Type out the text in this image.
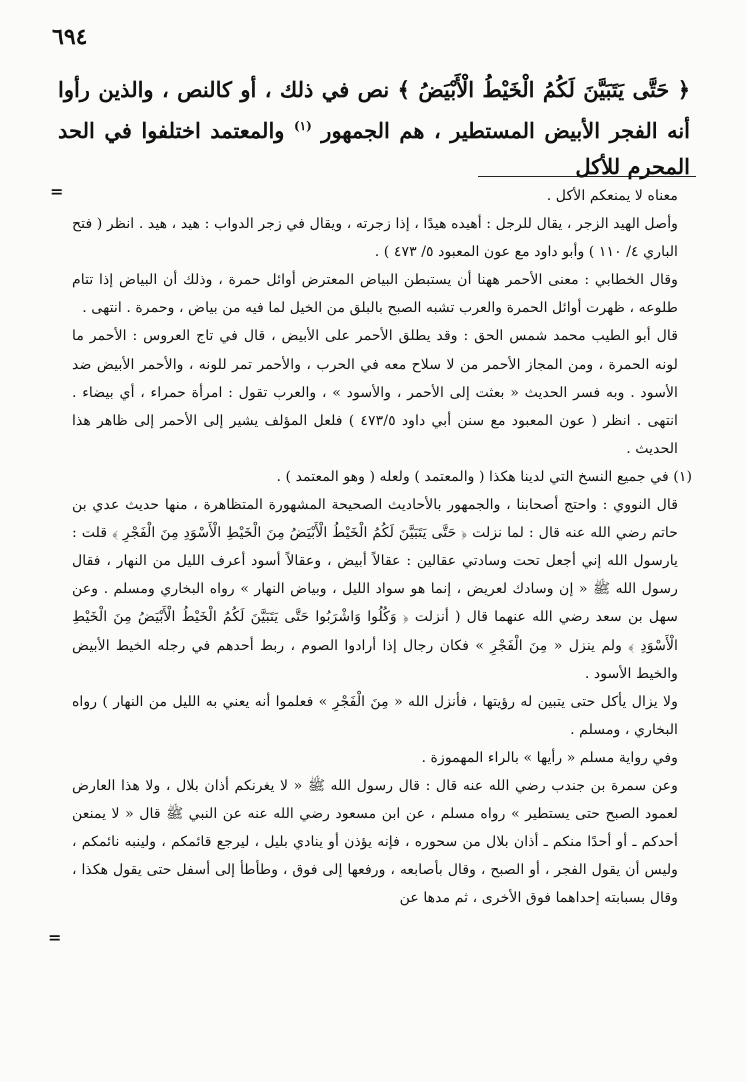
٦٩٤
﴿ حَتَّى يَتَبَيَّنَ لَكُمُ الْخَيْطُ الْأَبْيَضُ ﴾ نص في ذلك ، أو كالنص ، والذين رأوا أنه الفجر الأبيض المستطير ، هم الجمهور $^{(١)}$ والمعتمد اختلفوا في الحد المحرم للأكل
=	معناه لا يمنعكم الأكل .

وأصل الهيد الزجر ، يقال للرجل : أهيده هيدًا ، إذا زجرته ، ويقال في زجر الدواب : هيد ، هيد . انظر ( فتح الباري ٤/ ١١٠ ) وأبو داود مع عون المعبود ٥/ ٤٧٣ ) .

وقال الخطابي : معنى الأحمر ههنا أن يستبطن البياض المعترض أوائل حمرة ، وذلك أن البياض إذا تتام طلوعه ، ظهرت أوائل الحمرة والعرب تشبه الصبح بالبلق من الخيل لما فيه من بياض ، وحمرة . انتهى .

قال أبو الطيب محمد شمس الحق : وقد يطلق الأحمر على الأبيض ، قال في تاج العروس : الأحمر ما لونه الحمرة ، ومن المجاز الأحمر من لا سلاح معه في الحرب ، والأحمر تمر للونه ، والأحمر الأبيض ضد الأسود . وبه فسر الحديث « بعثت إلى الأحمر ، والأسود » ، والعرب تقول : امرأة حمراء ، أي بيضاء . انتهى . انظر ( عون المعبود مع سنن أبي داود ٤٧٣/٥ ) فلعل المؤلف يشير إلى الأحمر إلى ظاهر هذا الحديث .

(١) في جميع النسخ التي لدينا هكذا ( والمعتمد ) ولعله ( وهو المعتمد ) .

قال النووي : واحتج أصحابنا ، والجمهور بالأحاديث الصحيحة المشهورة المتظاهرة ، منها حديث عدي بن حاتم رضي الله عنه قال : لما نزلت ﴿ حَتَّى يَتَبَيَّنَ لَكُمُ الْخَيْطُ الْأَبْيَضُ مِنَ الْخَيْطِ الْأَسْوَدِ مِنَ الْفَجْرِ ﴾ قلت : يارسول الله إني أجعل تحت وسادتي عقالين : عقالاً أبيض ، وعقالاً أسود أعرف الليل من النهار ، فقال رسول الله ﷺ « إن وسادك لعريض ، إنما هو سواد الليل ، وبياض النهار » رواه البخاري ومسلم . وعن سهل بن سعد رضي الله عنهما قال ( أنزلت ﴿ وَكُلُوا وَاشْرَبُوا حَتَّى يَتَبَيَّنَ لَكُمُ الْخَيْطُ الْأَبْيَضُ مِنَ الْخَيْطِ الْأَسْوَدِ ﴾ ولم ينزل « مِنَ الْفَجْرِ » فكان رجال إذا أرادوا الصوم ، ربط أحدهم في رجله الخيط الأبيض والخيط الأسود .

ولا يزال يأكل حتى يتبين له رؤيتها ، فأنزل الله « مِنَ الْفَجْرِ » فعلموا أنه يعني به الليل من النهار ) رواه البخاري ، ومسلم .

وفي رواية مسلم « رأيها » بالراء المهموزة .

وعن سمرة بن جندب رضي الله عنه قال : قال رسول الله ﷺ « لا يغرنكم أذان بلال ، ولا هذا العارض لعمود الصبح حتى يستطير » رواه مسلم ، عن ابن مسعود رضي الله عنه عن النبي ﷺ قال « لا يمنعن أحدكم ـ أو أحدًا منكم ـ أذان بلال من سحوره ، فإنه يؤذن أو ينادي بليل ، ليرجع قائمكم ، ولينبه نائمكم ، وليس أن يقول الفجر ، أو الصبح ، وقال بأصابعه ، ورفعها إلى فوق ، وطأطأ إلى أسفل حتى يقول هكذا ، وقال بسبابته إحداهما فوق الأخرى ، ثم مدها عن

=
